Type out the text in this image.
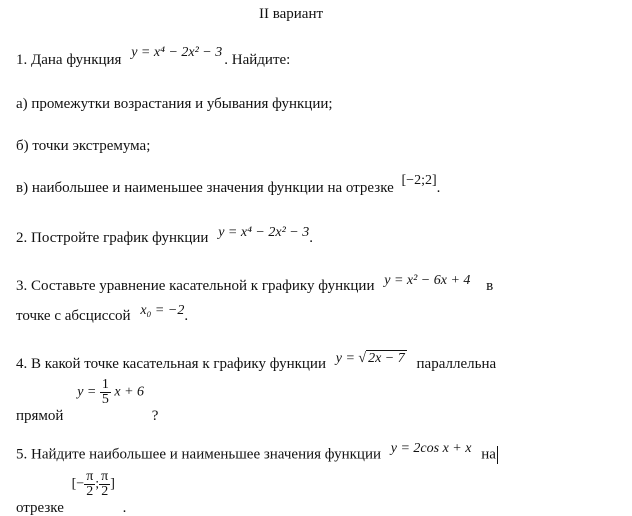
II вариант
1. Дана функция y = x⁴ − 2x² − 3 . Найдите:
а) промежутки возрастания и убывания функции;
б) точки экстремума;
в) наибольшее и наименьшее значения функции на отрезке [−2;2].
2. Постройте график функции y = x⁴ − 2x² − 3.
3. Составьте уравнение касательной к графику функции y = x² − 6x + 4 в
точке с абсциссой x₀ = −2.
4. В какой точке касательная к графику функции y = √ 2x − 7 параллельна
прямой $y = \frac{1}{5}$ x + 6 ?
5. Найдите наибольшее и наименьшее значения функции y = 2cos x + x на
отрезке [− $\frac{\pi}{2}$ ; $\frac{\pi}{2}$ ] .
